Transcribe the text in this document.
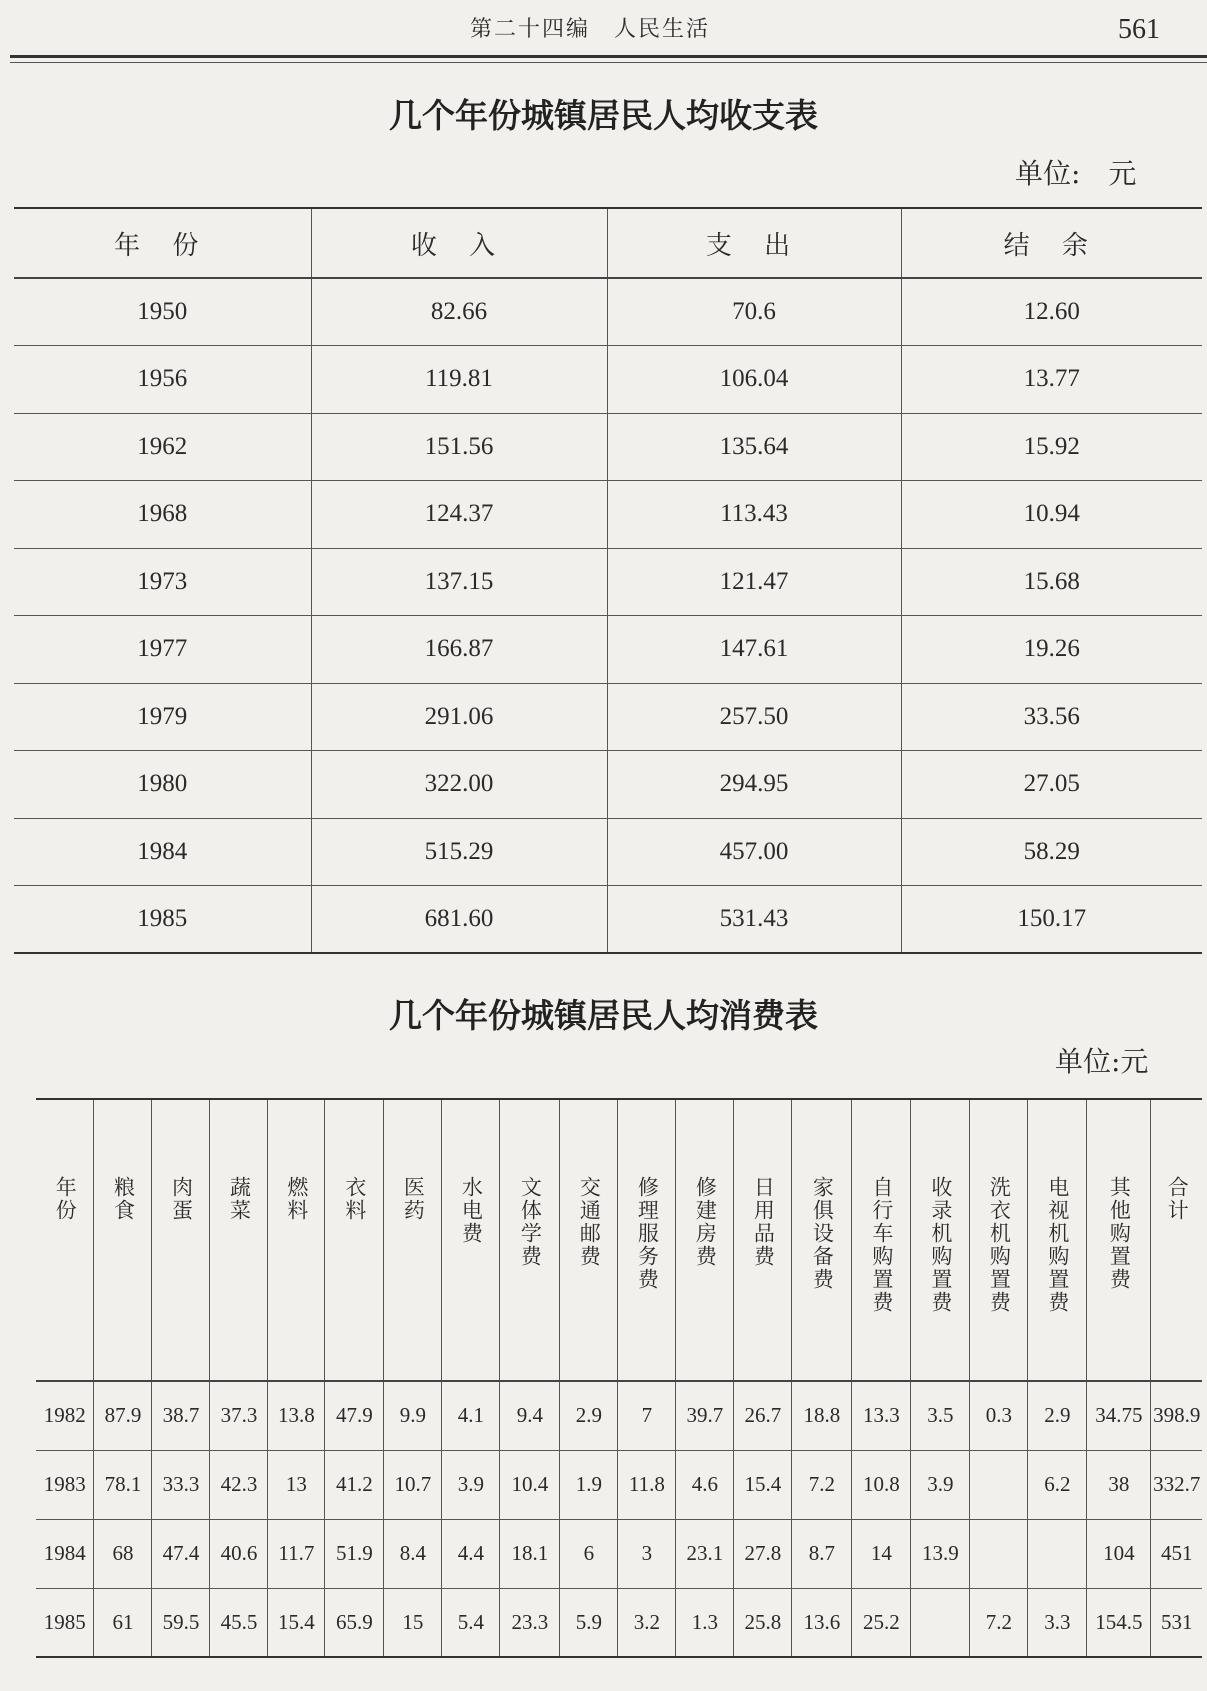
第二十四编　人民生活	561
几个年份城镇居民人均收支表
单位:　元
年 份	收 入	支 出	结 余
1950	82.66	70.6	12.60
1956	119.81	106.04	13.77
1962	151.56	135.64	15.92
1968	124.37	113.43	10.94
1973	137.15	121.47	15.68
1977	166.87	147.61	19.26
1979	291.06	257.50	33.56
1980	322.00	294.95	27.05
1984	515.29	457.00	58.29
1985	681.60	531.43	150.17
几个年份城镇居民人均消费表
单位:元
年份	粮食	肉蛋	蔬菜	燃料	衣料	医药	水电费	文体学费	交通邮费	修理服务费	修建房费	日用品费	家俱设备费	自行车购置费	收录机购置费	洗衣机购置费	电视机购置费	其他购置费	合计
1982	87.9	38.7	37.3	13.8	47.9	9.9	4.1	9.4	2.9	7	39.7	26.7	18.8	13.3	3.5	0.3	2.9	34.75	398.9
1983	78.1	33.3	42.3	13	41.2	10.7	3.9	10.4	1.9	11.8	4.6	15.4	7.2	10.8	3.9		6.2	38	332.7
1984	68	47.4	40.6	11.7	51.9	8.4	4.4	18.1	6	3	23.1	27.8	8.7	14	13.9			104	451
1985	61	59.5	45.5	15.4	65.9	15	5.4	23.3	5.9	3.2	1.3	25.8	13.6	25.2		7.2	3.3	154.5	531
